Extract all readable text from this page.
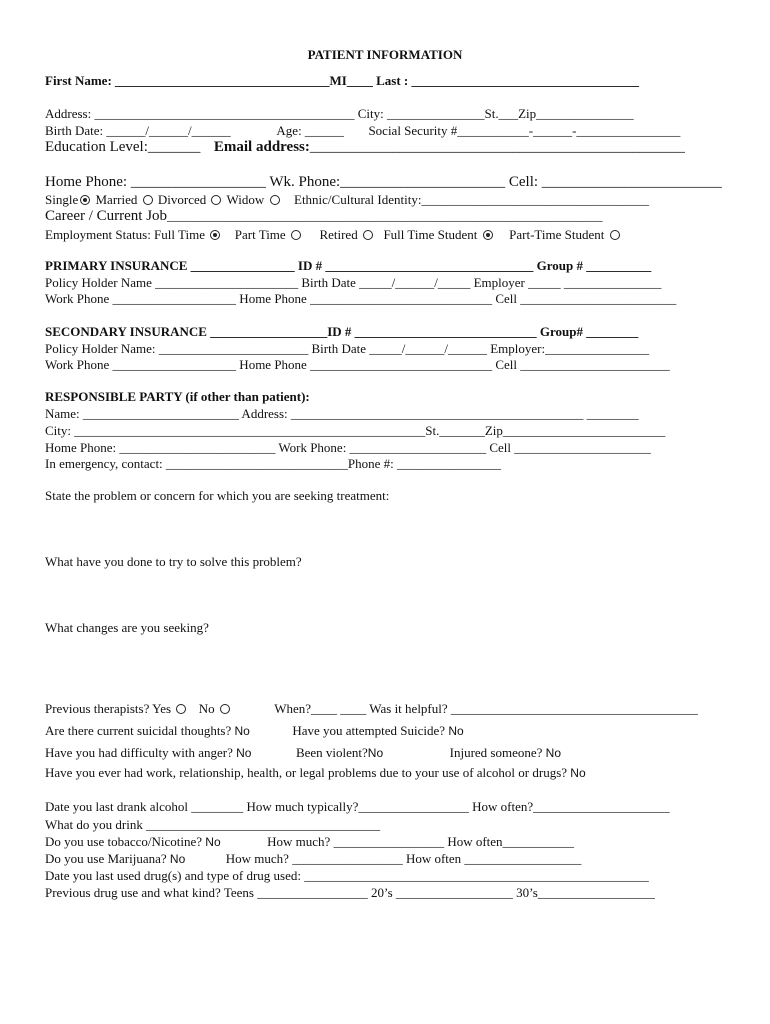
PATIENT INFORMATION
First Name: _________________________________MI____ Last : ___________________________________
Address: ________________________________________ City: _______________St.___Zip_______________
Birth Date: ______/______/______	Age: ______ Social Security #___________-______-________________
Education Level:_______ Email address:__________________________________________________
Home Phone: __________________ Wk. Phone:______________________ Cell: ________________________
Single Married Divorced Widow Ethnic/Cultural Identity:___________________________________
Career / Current Job___________________________________________________________________
Employment Status: Full Time Part Time	Retired Full Time Student Part-Time Student
PRIMARY INSURANCE ________________ ID # ________________________________ Group # __________
Policy Holder Name ______________________ Birth Date _____/______/_____ Employer _____ _______________
Work Phone ___________________ Home Phone ____________________________ Cell ________________________
SECONDARY INSURANCE __________________ID # ____________________________ Group# ________
Policy Holder Name: _______________________ Birth Date _____/______/______ Employer:________________
Work Phone ___________________ Home Phone ____________________________ Cell _______________________
RESPONSIBLE PARTY (if other than patient):
Name: ________________________ Address: _____________________________________________ ________
City: ______________________________________________________St._______Zip_________________________
Home Phone: ________________________ Work Phone: _____________________ Cell _____________________
In emergency, contact: ____________________________Phone #: ________________
State the problem or concern for which you are seeking treatment:
What have you done to try to solve this problem?
What changes are you seeking?
Previous therapists? Yes No	When?____ ____ Was it helpful? ______________________________________
Are there current suicidal thoughts? No	Have you attempted Suicide? No
Have you had difficulty with anger? No	Been violent?No	Injured someone? No
Have you ever had work, relationship, health, or legal problems due to your use of alcohol or drugs? No
Date you last drank alcohol ________ How much typically?_________________ How often?_____________________
What do you drink ____________________________________
Do you use tobacco/Nicotine? No	How much? _________________ How often___________
Do you use Marijuana? No	How much? _________________ How often __________________
Date you last used drug(s) and type of drug used: _____________________________________________________
Previous drug use and what kind? Teens _________________ 20’s __________________ 30’s__________________
